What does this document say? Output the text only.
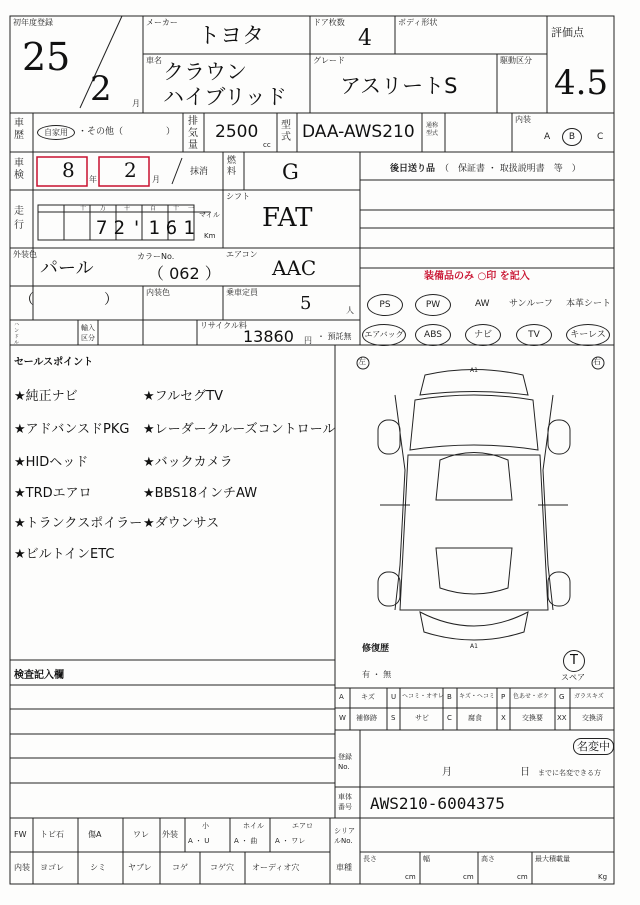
初年度登録
25
2	月
メーカー
トヨタ
ドア枚数
4
ボディ形状
評価点
4.5
車名 クラウン
ハイブリッド
グレード
アスリートS
駆動区分
車歴	自家用	・その他（	）
排気量
2500
cc
型式 DAA-AWS210 通称型式
内装
A	B	C
車検 8 年 2 月
抹消
燃料 G	後日送り品 （　保証書 ・ 取扱説明書　等　）
走行
十 万	千	百	十 一
72'161
マイル
Km
シフト
FAT
外装色
パール
カラーNo.
（ 062 ）
エアコン
AAC	装備品のみ ○印 を記入
（　　　　　）	内装色	乗車定員
5	人
ハンドル
輸入区分
リサイクル料
13860 円 ・ 預託無
PS	PW	AW サンルーフ 本革シート
エアバッグ	ABS	ナビ	TV	キーレス
セールスポイント
★純正ナビ	★フルセグTV
★アドバンスドPKG ★レーダークルーズコントロール
★HIDヘッド	★バックカメラ
★TRDエアロ	★BBS18インチAW
★トランクスポイラー ★ダウンサス
★ビルトインETC
左	右
A1
A1
修復歴
有 ・ 無
T
スペア
検査記入欄
A キズ U ヘコミ・オサレ B キズ・ヘコミ P 色あせ・ボケ G ガラスキズ
W 補修跡 S	サビ	C 腐食	X 交換要 XX 交換済
名変中
登録No.	月	日 までに名変できる方
車体番号	AWS210-6004375
シリアルNo.
FW トビ石	傷A	ワレ 外装
小
A ・ U
ホイル
A ・ 曲
エアロ
A ・ ワレ
内装 ヨゴレ	シミ	ヤブレ	コゲ	コゲ穴 オーディオ穴	車種
長さ
cm
幅
cm
高さ
cm
最大積載量
Kg
